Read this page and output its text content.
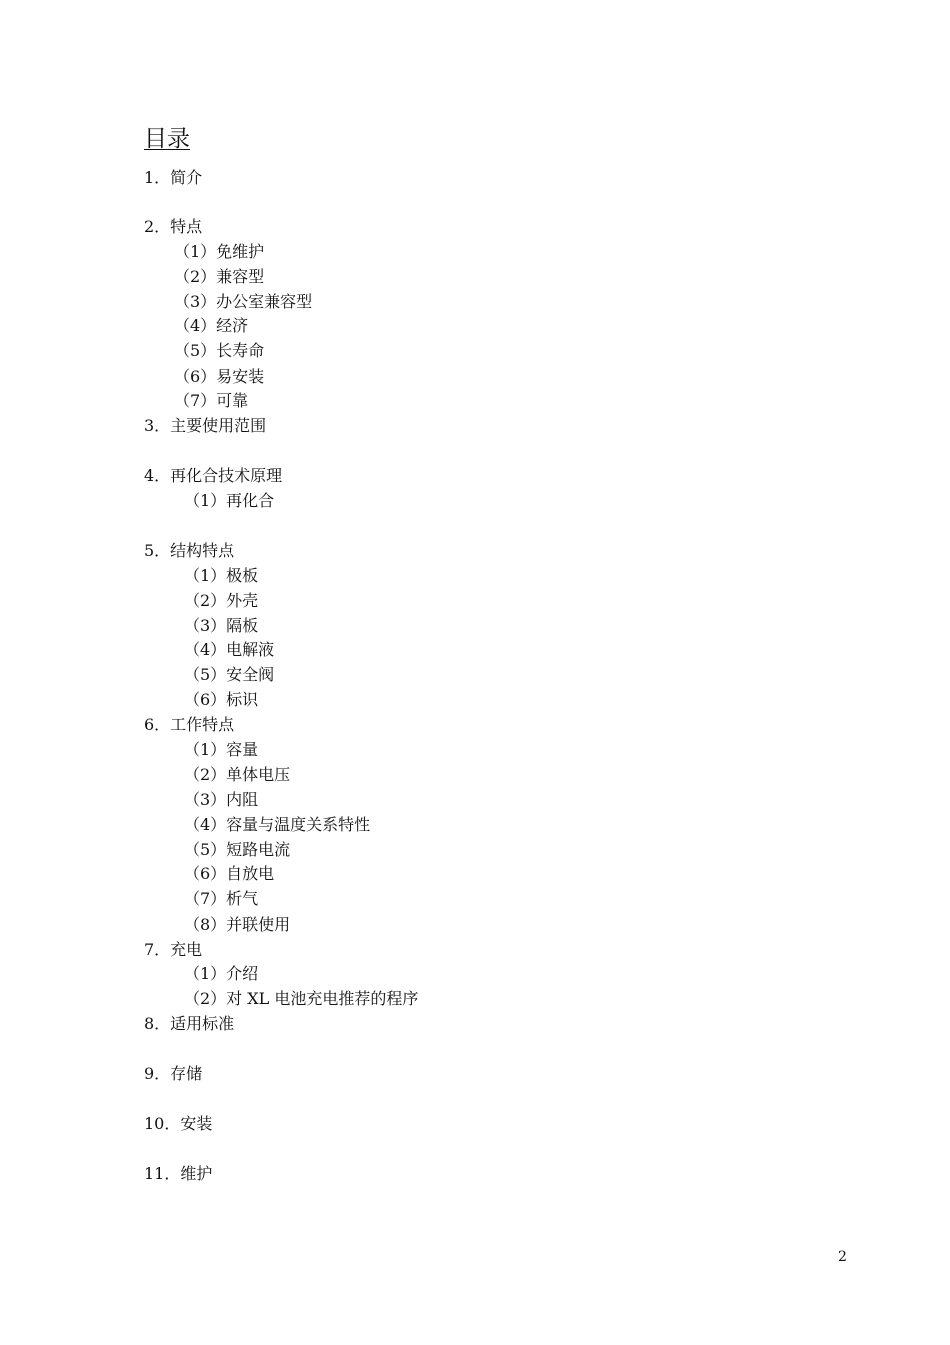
目录
1．简介
2．特点
（1）免维护
（2）兼容型
（3）办公室兼容型
（4）经济
（5）长寿命
（6）易安装
（7）可靠
3．主要使用范围
4．再化合技术原理
（1）再化合
5．结构特点
（1）极板
（2）外壳
（3）隔板
（4）电解液
（5）安全阀
（6）标识
6．工作特点
（1）容量
（2）单体电压
（3）内阻
（4）容量与温度关系特性
（5）短路电流
（6）自放电
（7）析气
（8）并联使用
7．充电
（1）介绍
（2）对 XL 电池充电推荐的程序
8．适用标准
9．存储
10．安装
11．维护
2
